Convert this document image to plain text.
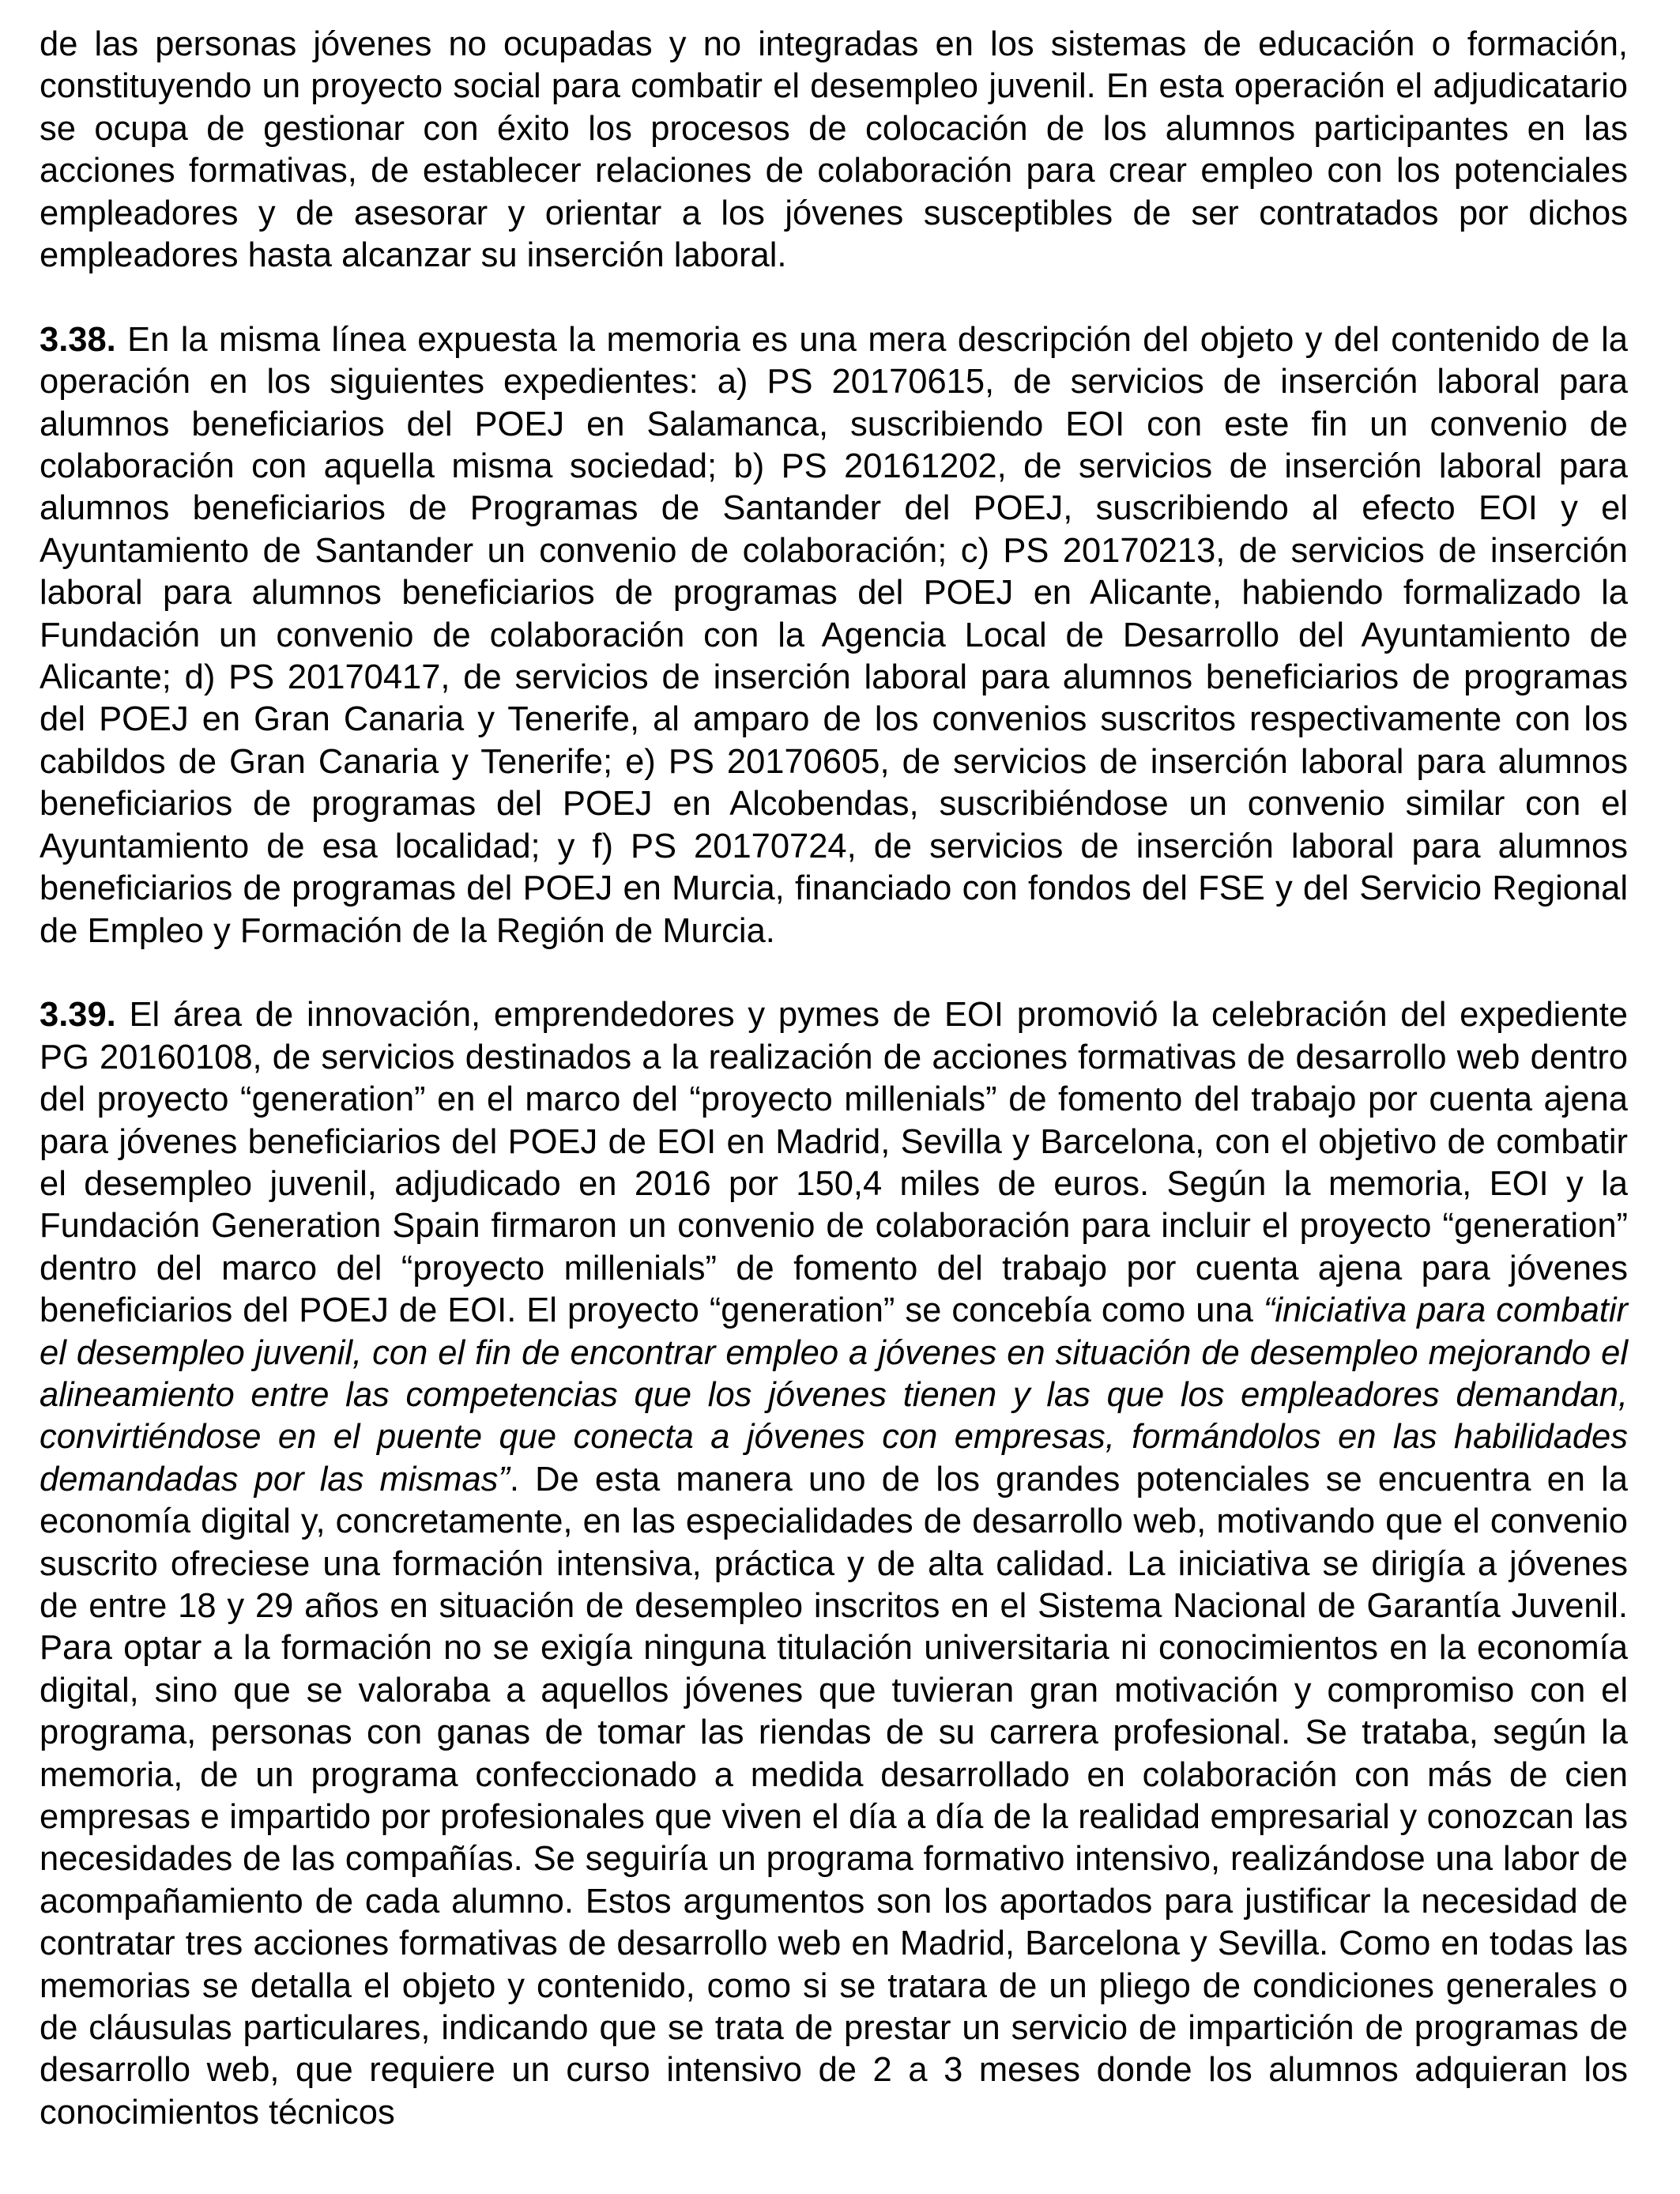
de las personas jóvenes no ocupadas y no integradas en los sistemas de educación o formación, constituyendo un proyecto social para combatir el desempleo juvenil. En esta operación el adjudicatario se ocupa de gestionar con éxito los procesos de colocación de los alumnos participantes en las acciones formativas, de establecer relaciones de colaboración para crear empleo con los potenciales empleadores y de asesorar y orientar a los jóvenes susceptibles de ser contratados por dichos empleadores hasta alcanzar su inserción laboral.

3.38. En la misma línea expuesta la memoria es una mera descripción del objeto y del contenido de la operación en los siguientes expedientes: a) PS 20170615, de servicios de inserción laboral para alumnos beneficiarios del POEJ en Salamanca, suscribiendo EOI con este fin un convenio de colaboración con aquella misma sociedad; b) PS 20161202, de servicios de inserción laboral para alumnos beneficiarios de Programas de Santander del POEJ, suscribiendo al efecto EOI y el Ayuntamiento de Santander un convenio de colaboración; c) PS 20170213, de servicios de inserción laboral para alumnos beneficiarios de programas del POEJ en Alicante, habiendo formalizado la Fundación un convenio de colaboración con la Agencia Local de Desarrollo del Ayuntamiento de Alicante; d) PS 20170417, de servicios de inserción laboral para alumnos beneficiarios de programas del POEJ en Gran Canaria y Tenerife, al amparo de los convenios suscritos respectivamente con los cabildos de Gran Canaria y Tenerife; e) PS 20170605, de servicios de inserción laboral para alumnos beneficiarios de programas del POEJ en Alcobendas, suscribiéndose un convenio similar con el Ayuntamiento de esa localidad; y f) PS 20170724, de servicios de inserción laboral para alumnos beneficiarios de programas del POEJ en Murcia, financiado con fondos del FSE y del Servicio Regional de Empleo y Formación de la Región de Murcia.

3.39. El área de innovación, emprendedores y pymes de EOI promovió la celebración del expediente PG 20160108, de servicios destinados a la realización de acciones formativas de desarrollo web dentro del proyecto “generation” en el marco del “proyecto millenials” de fomento del trabajo por cuenta ajena para jóvenes beneficiarios del POEJ de EOI en Madrid, Sevilla y Barcelona, con el objetivo de combatir el desempleo juvenil, adjudicado en 2016 por 150,4 miles de euros. Según la memoria, EOI y la Fundación Generation Spain firmaron un convenio de colaboración para incluir el proyecto “generation” dentro del marco del “proyecto millenials” de fomento del trabajo por cuenta ajena para jóvenes beneficiarios del POEJ de EOI. El proyecto “generation” se concebía como una “iniciativa para combatir el desempleo juvenil, con el fin de encontrar empleo a jóvenes en situación de desempleo mejorando el alineamiento entre las competencias que los jóvenes tienen y las que los empleadores demandan, convirtiéndose en el puente que conecta a jóvenes con empresas, formándolos en las habilidades demandadas por las mismas”. De esta manera uno de los grandes potenciales se encuentra en la economía digital y, concretamente, en las especialidades de desarrollo web, motivando que el convenio suscrito ofreciese una formación intensiva, práctica y de alta calidad. La iniciativa se dirigía a jóvenes de entre 18 y 29 años en situación de desempleo inscritos en el Sistema Nacional de Garantía Juvenil. Para optar a la formación no se exigía ninguna titulación universitaria ni conocimientos en la economía digital, sino que se valoraba a aquellos jóvenes que tuvieran gran motivación y compromiso con el programa, personas con ganas de tomar las riendas de su carrera profesional. Se trataba, según la memoria, de un programa confeccionado a medida desarrollado en colaboración con más de cien empresas e impartido por profesionales que viven el día a día de la realidad empresarial y conozcan las necesidades de las compañías. Se seguiría un programa formativo intensivo, realizándose una labor de acompañamiento de cada alumno. Estos argumentos son los aportados para justificar la necesidad de contratar tres acciones formativas de desarrollo web en Madrid, Barcelona y Sevilla. Como en todas las memorias se detalla el objeto y contenido, como si se tratara de un pliego de condiciones generales o de cláusulas particulares, indicando que se trata de prestar un servicio de impartición de programas de desarrollo web, que requiere un curso intensivo de 2 a 3 meses donde los alumnos adquieran los conocimientos técnicos
